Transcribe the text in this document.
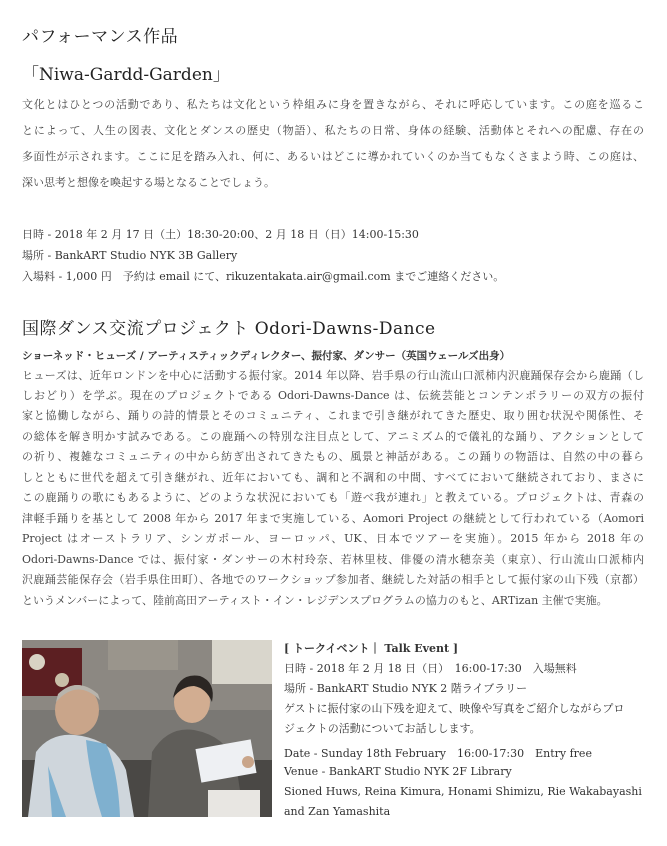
パフォーマンス作品
「Niwa-Gardd-Garden」
文化とはひとつの活動であり、私たちは文化という枠組みに身を置きながら、それに呼応しています。この庭を巡るこ
とによって、人生の図表、文化とダンスの歴史（物語）、私たちの日常、身体の経験、活動体とそれへの配慮、存在の
多面性が示されます。ここに足を踏み入れ、何に、あるいはどこに導かれていくのか当てもなくさまよう時、この庭は、
深い思考と想像を喚起する場となることでしょう。
日時 - 2018 年 2 月 17 日（土）18:30-20:00、2 月 18 日（日）14:00-15:30
場所 - BankART Studio NYK 3B Gallery
入場料 - 1,000 円　予約は email にて、rikuzentakata.air@gmail.com までご連絡ください。
国際ダンス交流プロジェクト Odori-Dawns-Dance
ショーネッド・ヒューズ / アーティスティックディレクター、振付家、ダンサー（英国ウェールズ出身）
ヒューズは、近年ロンドンを中心に活動する振付家。2014 年以降、岩手県の行山流山口派柿内沢鹿踊保存会から鹿踊（し
しおどり）を学ぶ。現在のプロジェクトである Odori-Dawns-Dance は、伝統芸能とコンテンポラリーの双方の振付
家と協働しながら、踊りの詩的情景とそのコミュニティ、これまで引き継がれてきた歴史、取り囲む状況や関係性、そ
の総体を解き明かす試みである。この鹿踊への特別な注目点として、アニミズム的で儀礼的な踊り、アクションとして
の祈り、複雑なコミュニティの中から紡ぎ出されてきたもの、風景と神話がある。この踊りの物語は、自然の中の暮ら
しとともに世代を超えて引き継がれ、近年においても、調和と不調和の中間、すべてにおいて継続されており、まさに
この鹿踊りの歌にもあるように、どのような状況においても「遊べ我が連れ」と教えている。プロジェクトは、青森の
津軽手踊りを基として 2008 年から 2017 年まで実施している、Aomori Project の継続として行われている（Aomori
Project はオーストラリア、シンガポール、ヨーロッパ、UK、日本でツアーを実施）。2015 年から 2018 年の
Odori-Dawns-Dance では、振付家・ダンサーの木村玲奈、若林里枝、俳優の清水穂奈美（東京）、行山流山口派柿内
沢鹿踊芸能保存会（岩手県住田町）、各地でのワークショップ参加者、継続した対話の相手として振付家の山下残（京都）
というメンバーによって、陸前高田アーティスト・イン・レジデンスプログラムの協力のもと、ARTizan 主催で実施。
[ トークイベント｜ Talk Event ]
日時 - 2018 年 2 月 18 日（日）　16:00-17:30　入場無料
場所 - BankART Studio NYK 2 階ライブラリー
ゲストに振付家の山下残を迎えて、映像や写真をご紹介しながらプロ
ジェクトの活動についてお話しします。
Date - Sunday 18th February　16:00-17:30　Entry free
Venue - BankART Studio NYK 2F Library
Sioned Huws, Reina Kimura, Honami Shimizu, Rie Wakabayashi
and Zan Yamashita
